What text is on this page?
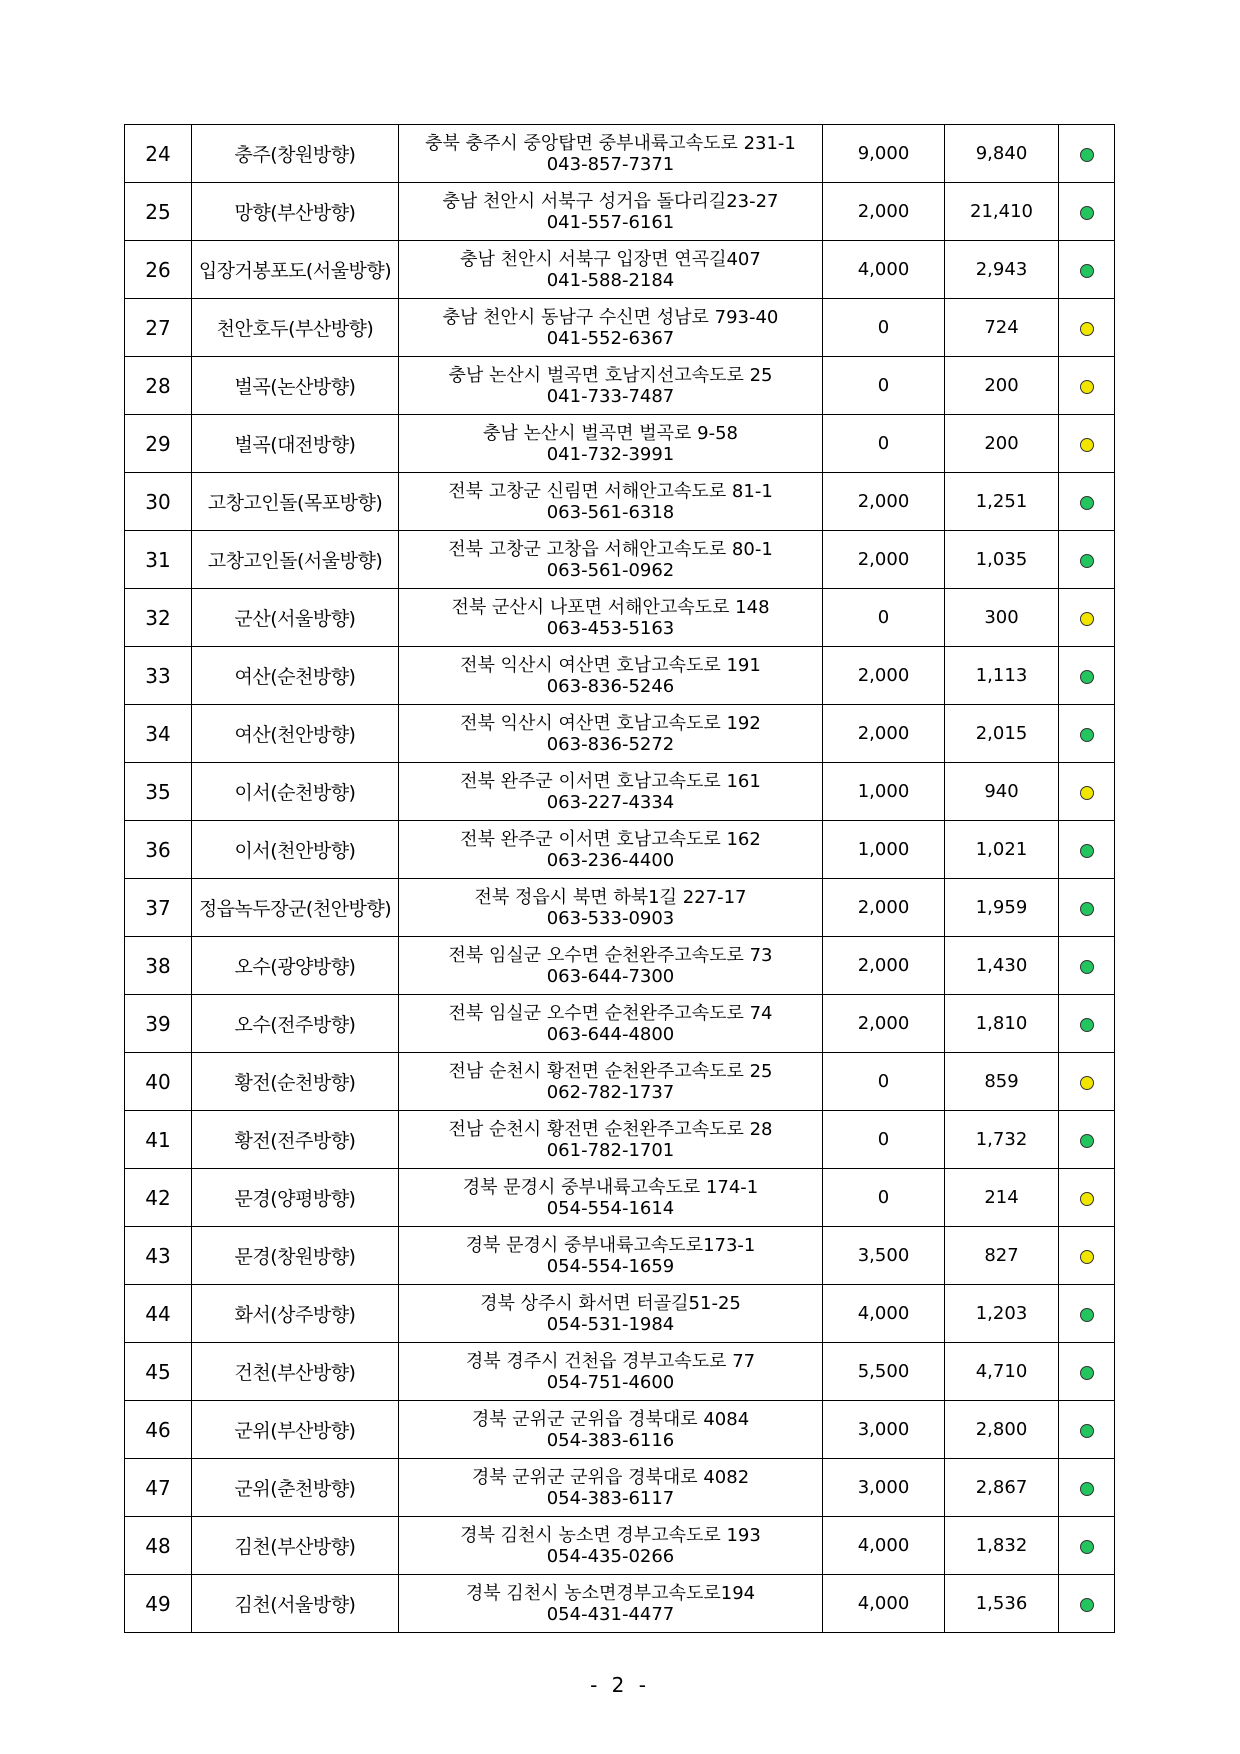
24	충주(창원방향)	충북 충주시 중앙탑면 중부내륙고속도로 231-1
043-857-7371	9,000	9,840	
25	망향(부산방향)	충남 천안시 서북구 성거읍 돌다리길23-27
041-557-6161	2,000	21,410	
26	입장거봉포도(서울방향)	충남 천안시 서북구 입장면 연곡길407
041-588-2184	4,000	2,943	
27	천안호두(부산방향)	충남 천안시 동남구 수신면 성남로 793-40
041-552-6367	0	724	
28	벌곡(논산방향)	충남 논산시 벌곡면 호남지선고속도로 25
041-733-7487	0	200	
29	벌곡(대전방향)	충남 논산시 벌곡면 벌곡로 9-58
041-732-3991	0	200	
30	고창고인돌(목포방향)	전북 고창군 신림면 서해안고속도로 81-1
063-561-6318	2,000	1,251	
31	고창고인돌(서울방향)	전북 고창군 고창읍 서해안고속도로 80-1
063-561-0962	2,000	1,035	
32	군산(서울방향)	전북 군산시 나포면 서해안고속도로 148
063-453-5163	0	300	
33	여산(순천방향)	전북 익산시 여산면 호남고속도로 191
063-836-5246	2,000	1,113	
34	여산(천안방향)	전북 익산시 여산면 호남고속도로 192
063-836-5272	2,000	2,015	
35	이서(순천방향)	전북 완주군 이서면 호남고속도로 161
063-227-4334	1,000	940	
36	이서(천안방향)	전북 완주군 이서면 호남고속도로 162
063-236-4400	1,000	1,021	
37	정읍녹두장군(천안방향)	전북 정읍시 북면 하북1길 227-17
063-533-0903	2,000	1,959	
38	오수(광양방향)	전북 임실군 오수면 순천완주고속도로 73
063-644-7300	2,000	1,430	
39	오수(전주방향)	전북 임실군 오수면 순천완주고속도로 74
063-644-4800	2,000	1,810	
40	황전(순천방향)	전남 순천시 황전면 순천완주고속도로 25
062-782-1737	0	859	
41	황전(전주방향)	전남 순천시 황전면 순천완주고속도로 28
061-782-1701	0	1,732	
42	문경(양평방향)	경북 문경시 중부내륙고속도로 174-1
054-554-1614	0	214	
43	문경(창원방향)	경북 문경시 중부내륙고속도로173-1
054-554-1659	3,500	827	
44	화서(상주방향)	경북 상주시 화서면 터골길51-25
054-531-1984	4,000	1,203	
45	건천(부산방향)	경북 경주시 건천읍 경부고속도로 77
054-751-4600	5,500	4,710	
46	군위(부산방향)	경북 군위군 군위읍 경북대로 4084
054-383-6116	3,000	2,800	
47	군위(춘천방향)	경북 군위군 군위읍 경북대로 4082
054-383-6117	3,000	2,867	
48	김천(부산방향)	경북 김천시 농소면 경부고속도로 193
054-435-0266	4,000	1,832	
49	김천(서울방향)	경북 김천시 농소면경부고속도로194
054-431-4477	4,000	1,536	
- 2 -
